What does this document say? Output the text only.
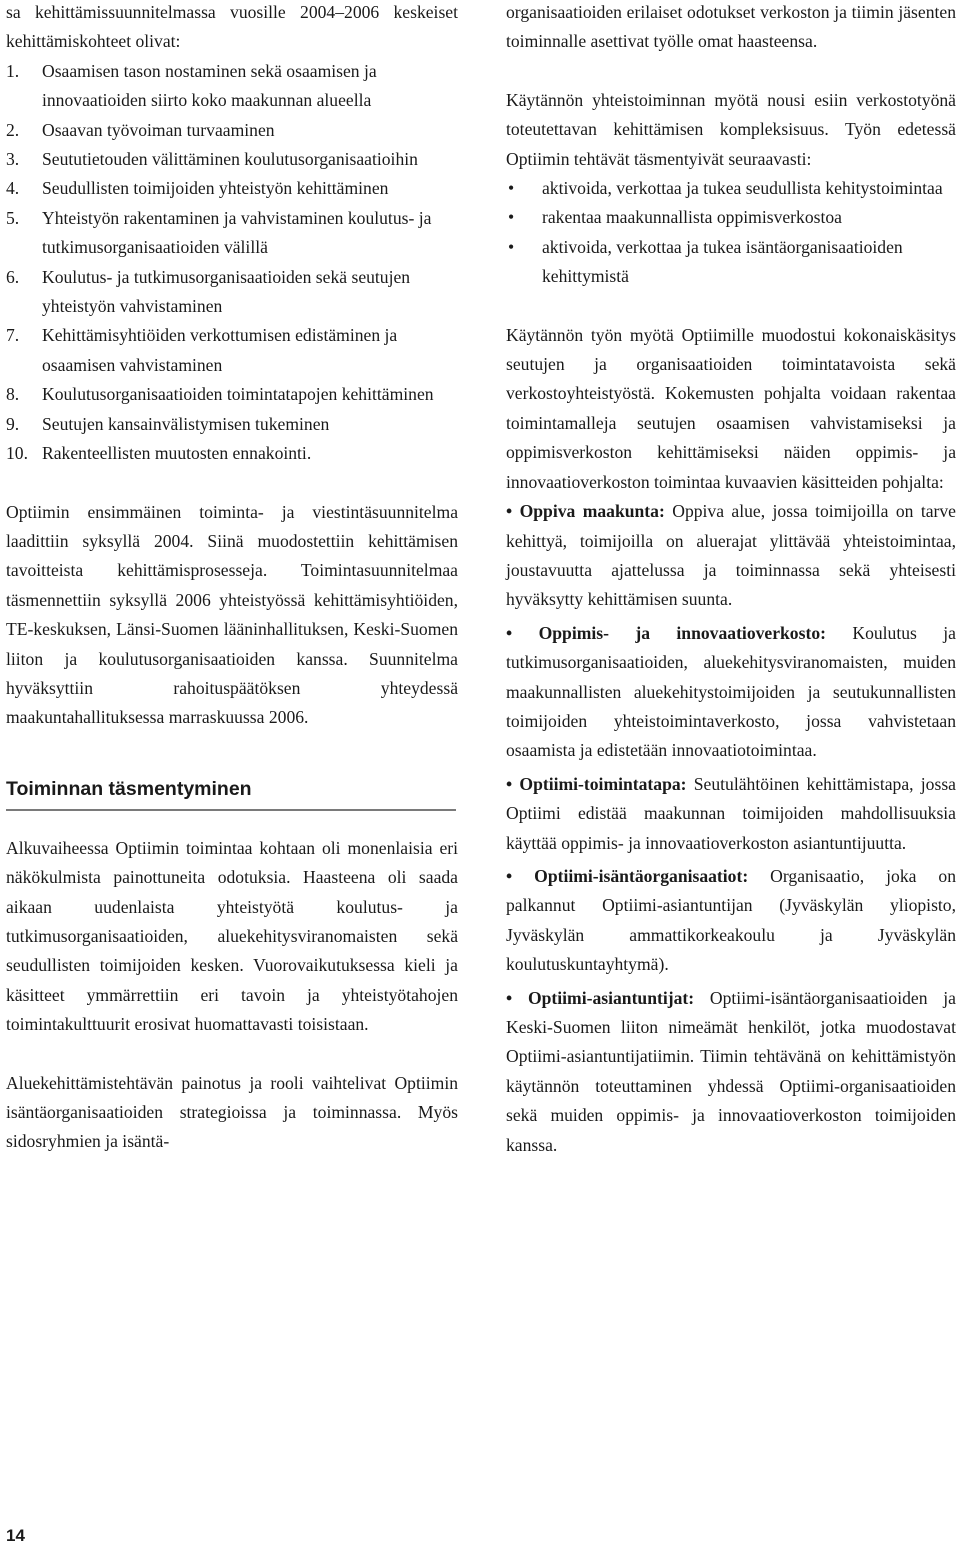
sa kehittämissuunnitelmassa vuosille 2004–2006 keskeiset kehittämiskohteet olivat:

1. Osaamisen tason nostaminen sekä osaamisen ja innovaatioiden siirto koko maakunnan alueella
2. Osaavan työvoiman turvaaminen
3. Seututietouden välittäminen koulutusorganisaatioihin
4. Seudullisten toimijoiden yhteistyön kehittäminen
5. Yhteistyön rakentaminen ja vahvistaminen koulutus- ja tutkimusorganisaatioiden välillä
6. Koulutus- ja tutkimusorganisaatioiden sekä seutujen yhteistyön vahvistaminen
7. Kehittämisyhtiöiden verkottumisen edistäminen ja osaamisen vahvistaminen
8. Koulutusorganisaatioiden toimintatapojen kehittäminen
9. Seutujen kansainvälistymisen tukeminen
10. Rakenteellisten muutosten ennakointi.

Optiimin ensimmäinen toiminta- ja viestintäsuunnitelma laadittiin syksyllä 2004. Siinä muodostettiin kehittämisen tavoitteista kehittämisprosesseja. Toimintasuunnitelmaa täsmennettiin syksyllä 2006 yhteistyössä kehittämisyhtiöiden, TE-keskuksen, Länsi-Suomen lääninhallituksen, Keski-Suomen liiton ja koulutusorganisaatioiden kanssa. Suunnitelma hyväksyttiin rahoituspäätöksen yhteydessä maakuntahallituksessa marraskuussa 2006.

Toiminnan täsmentyminen

Alkuvaiheessa Optiimin toimintaa kohtaan oli monenlaisia eri näkökulmista painottuneita odotuksia. Haasteena oli saada aikaan uudenlaista yhteistyötä koulutus- ja tutkimusorganisaatioiden, aluekehitysviranomaisten sekä seudullisten toimijoiden kesken. Vuorovaikutuksessa kieli ja käsitteet ymmärrettiin eri tavoin ja yhteistyötahojen toimintakulttuurit erosivat huomattavasti toisistaan.

Aluekehittämistehtävän painotus ja rooli vaihtelivat Optiimin isäntäorganisaatioiden strategioissa ja toiminnassa. Myös sidosryhmien ja isäntä-

organisaatioiden erilaiset odotukset verkoston ja tiimin jäsenten toiminnalle asettivat työlle omat haasteensa.

Käytännön yhteistoiminnan myötä nousi esiin verkostotyönä toteutettavan kehittämisen kompleksisuus. Työn edetessä Optiimin tehtävät täsmentyivät seuraavasti:

• aktivoida, verkottaa ja tukea seudullista kehitystoimintaa
• rakentaa maakunnallista oppimisverkostoa
• aktivoida, verkottaa ja tukea isäntäorganisaatioiden kehittymistä

Käytännön työn myötä Optiimille muodostui kokonaiskäsitys seutujen ja organisaatioiden toimintatavoista sekä verkostoyhteistyöstä. Kokemusten pohjalta voidaan rakentaa toimintamalleja seutujen osaamisen vahvistamiseksi ja oppimisverkoston kehittämiseksi näiden oppimis- ja innovaatioverkoston toimintaa kuvaavien käsitteiden pohjalta:

• Oppiva maakunta: Oppiva alue, jossa toimijoilla on tarve kehittyä, toimijoilla on aluerajat ylittävää yhteistoimintaa, joustavuutta ajattelussa ja toiminnassa sekä yhteisesti hyväksytty kehittämisen suunta.
• Oppimis- ja innovaatioverkosto: Koulutus ja tutkimusorganisaatioiden, aluekehitysviranomaisten, muiden maakunnallisten aluekehitystoimijoiden ja seutukunnallisten toimijoiden yhteistoimintaverkosto, jossa vahvistetaan osaamista ja edistetään innovaatiotoimintaa.
• Optiimi-toimintatapa: Seutulähtöinen kehittämistapa, jossa Optiimi edistää maakunnan toimijoiden mahdollisuuksia käyttää oppimis- ja innovaatioverkoston asiantuntijuutta.
• Optiimi-isäntäorganisaatiot: Organisaatio, joka on palkannut Optiimi-asiantuntijan (Jyväskylän yliopisto, Jyväskylän ammattikorkeakoulu ja Jyväskylän koulutuskuntayhtymä).
• Optiimi-asiantuntijat: Optiimi-isäntäorganisaatioiden ja Keski-Suomen liiton nimeämät henkilöt, jotka muodostavat Optiimi-asiantuntijatiimin. Tiimin tehtävänä on kehittämistyön käytännön toteuttaminen yhdessä Optiimi-organisaatioiden sekä muiden oppimis- ja innovaatioverkoston toimijoiden kanssa.
14
